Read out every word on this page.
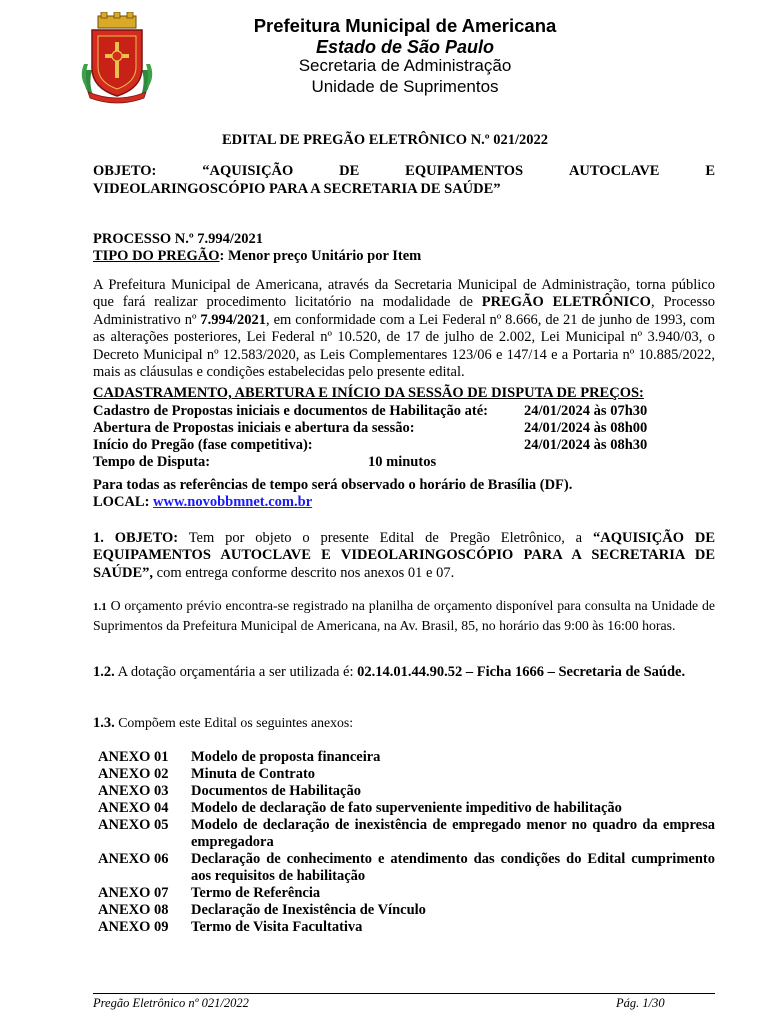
Prefeitura Municipal de Americana
Estado de São Paulo
Secretaria de Administração
Unidade de Suprimentos
EDITAL DE PREGÃO ELETRÔNICO N.º 021/2022
OBJETO:	“AQUISIÇÃO	DE	EQUIPAMENTOS	AUTOCLAVE	E
VIDEOLARINGOSCÓPIO PARA A SECRETARIA DE SAÚDE”
PROCESSO N.º 7.994/2021
TIPO DO PREGÃO: Menor preço Unitário por Item
A Prefeitura Municipal de Americana, através da Secretaria Municipal de Administração, torna público que fará realizar procedimento licitatório na modalidade de PREGÃO ELETRÔNICO, Processo Administrativo nº 7.994/2021, em conformidade com a Lei Federal nº 8.666, de 21 de junho de 1993, com as alterações posteriores, Lei Federal nº 10.520, de 17 de julho de 2.002, Lei Municipal nº 3.940/03, o Decreto Municipal nº 12.583/2020, as Leis Complementares 123/06 e 147/14 e a Portaria nº 10.885/2022, mais as cláusulas e condições estabelecidas pelo presente edital.
CADASTRAMENTO, ABERTURA E INÍCIO DA SESSÃO DE DISPUTA DE PREÇOS:
Cadastro de Propostas iniciais e documentos de Habilitação até: 24/01/2024 às 07h30
Abertura de Propostas iniciais e abertura da sessão:	24/01/2024 às 08h00
Início do Pregão (fase competitiva):	24/01/2024 às 08h30
Tempo de Disputa:	10 minutos
Para todas as referências de tempo será observado o horário de Brasília (DF).
LOCAL: www.novobbmnet.com.br
1. OBJETO: Tem por objeto o presente Edital de Pregão Eletrônico, a “AQUISIÇÃO DE EQUIPAMENTOS AUTOCLAVE E VIDEOLARINGOSCÓPIO PARA A SECRETARIA DE SAÚDE”, com entrega conforme descrito nos anexos 01 e 07.
1.1 O orçamento prévio encontra-se registrado na planilha de orçamento disponível para consulta na Unidade de Suprimentos da Prefeitura Municipal de Americana, na Av. Brasil, 85, no horário das 9:00 às 16:00 horas.
1.2. A dotação orçamentária a ser utilizada é: 02.14.01.44.90.52 – Ficha 1666 – Secretaria de Saúde.
1.3. Compõem este Edital os seguintes anexos:
ANEXO 01	Modelo de proposta financeira
ANEXO 02	Minuta de Contrato
ANEXO 03	Documentos de Habilitação
ANEXO 04	Modelo de declaração de fato superveniente impeditivo de habilitação
ANEXO 05	Modelo de declaração de inexistência de empregado menor no quadro da empresa empregadora
ANEXO 06	Declaração de conhecimento e atendimento das condições do Edital cumprimento aos requisitos de habilitação
ANEXO 07	Termo de Referência
ANEXO 08	Declaração de Inexistência de Vínculo
ANEXO 09	Termo de Visita Facultativa
Pregão Eletrônico nº 021/2022	Pág. 1/30
